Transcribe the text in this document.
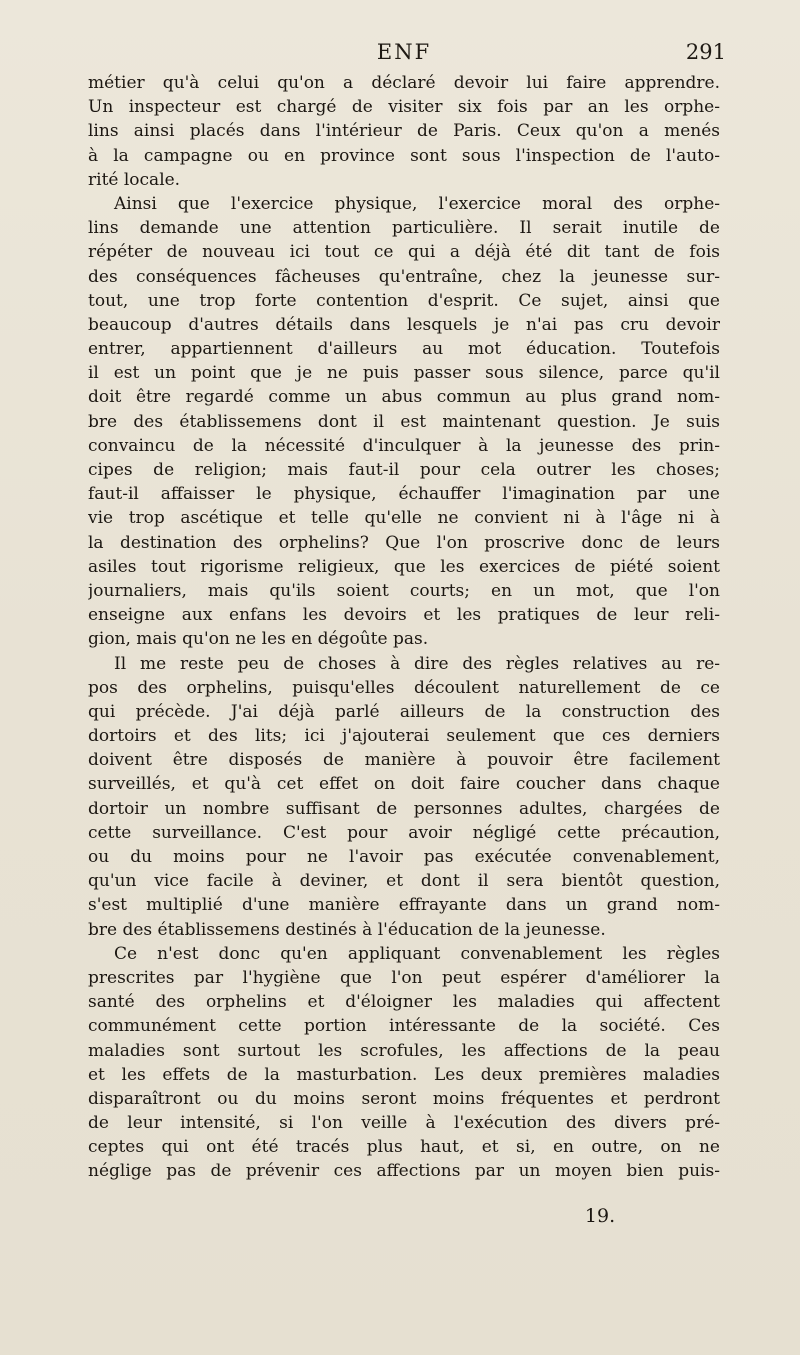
ENF	291

métier qu'à celui qu'on a déclaré devoir lui faire apprendre.
Un inspecteur est chargé de visiter six fois par an les orphe-
lins ainsi placés dans l'intérieur de Paris. Ceux qu'on a menés
à la campagne ou en province sont sous l'inspection de l'auto-
rité locale.

Ainsi que l'exercice physique, l'exercice moral des orphe-
lins demande une attention particulière. Il serait inutile de
répéter de nouveau ici tout ce qui a déjà été dit tant de fois
des conséquences fâcheuses qu'entraîne, chez la jeunesse sur-
tout, une trop forte contention d'esprit. Ce sujet, ainsi que
beaucoup d'autres détails dans lesquels je n'ai pas cru devoir
entrer, appartiennent d'ailleurs au mot éducation. Toutefois
il est un point que je ne puis passer sous silence, parce qu'il
doit être regardé comme un abus commun au plus grand nom-
bre des établissemens dont il est maintenant question. Je suis
convaincu de la nécessité d'inculquer à la jeunesse des prin-
cipes de religion; mais faut-il pour cela outrer les choses;
faut-il affaisser le physique, échauffer l'imagination par une
vie trop ascétique et telle qu'elle ne convient ni à l'âge ni à
la destination des orphelins? Que l'on proscrive donc de leurs
asiles tout rigorisme religieux, que les exercices de piété soient
journaliers, mais qu'ils soient courts; en un mot, que l'on
enseigne aux enfans les devoirs et les pratiques de leur reli-
gion, mais qu'on ne les en dégoûte pas.

Il me reste peu de choses à dire des règles relatives au re-
pos des orphelins, puisqu'elles découlent naturellement de ce
qui précède. J'ai déjà parlé ailleurs de la construction des
dortoirs et des lits; ici j'ajouterai seulement que ces derniers
doivent être disposés de manière à pouvoir être facilement
surveillés, et qu'à cet effet on doit faire coucher dans chaque
dortoir un nombre suffisant de personnes adultes, chargées de
cette surveillance. C'est pour avoir négligé cette précaution,
ou du moins pour ne l'avoir pas exécutée convenablement,
qu'un vice facile à deviner, et dont il sera bientôt question,
s'est multiplié d'une manière effrayante dans un grand nom-
bre des établissemens destinés à l'éducation de la jeunesse.

Ce n'est donc qu'en appliquant convenablement les règles
prescrites par l'hygiène que l'on peut espérer d'améliorer la
santé des orphelins et d'éloigner les maladies qui affectent
communément cette portion intéressante de la société. Ces
maladies sont surtout les scrofules, les affections de la peau
et les effets de la masturbation. Les deux premières maladies
disparaîtront ou du moins seront moins fréquentes et perdront
de leur intensité, si l'on veille à l'exécution des divers pré-
ceptes qui ont été tracés plus haut, et si, en outre, on ne
néglige pas de prévenir ces affections par un moyen bien puis-

19.
